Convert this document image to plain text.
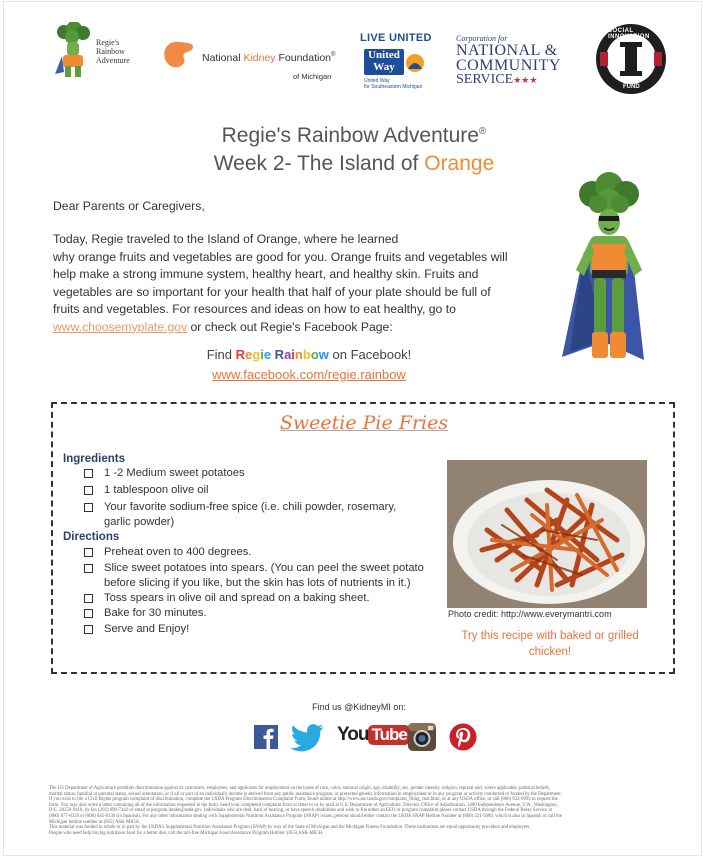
Regie's
Rainbow
Adventure	National Kidney Foundation®
of Michigan
LIVE UNITED
United
Way
United Way
for Southeastern Michigan
Corporation for
NATIONAL &
COMMUNITY
SERVICE★★★
SOCIAL INNOVATION
FUND
Regie's Rainbow Adventure®
Week 2- The Island of Orange
Dear Parents or Caregivers,
Today, Regie traveled to the Island of Orange, where he learned
why orange fruits and vegetables are good for you. Orange fruits and vegetables will
help make a strong immune system, healthy heart, and healthy skin. Fruits and
vegetables are so important for your health that half of your plate should be full of
fruits and vegetables. For resources and ideas on how to eat healthy, go to
www.choosemyplate.gov or check out Regie's Facebook Page:
Find Regie Rainbow on Facebook!
www.facebook.com/regie.rainbow
Sweetie Pie Fries
Ingredients
1 -2 Medium sweet potatoes
1 tablespoon olive oil
Your favorite sodium-free spice (i.e. chili powder, rosemary,
garlic powder)
Directions
Preheat oven to 400 degrees.
Slice sweet potatoes into spears. (You can peel the sweet potato
before slicing if you like, but the skin has lots of nutrients in it.)
Toss spears in olive oil and spread on a baking sheet.
Bake for 30 minutes.
Serve and Enjoy!
Photo credit: http://www.everymantri.com
Try this recipe with baked or grilled
chicken!
Find us @KidneyMI on:
You Tube
The US Department of Agriculture prohibits discrimination against its customers, employees, and applicants for employment on the bases of race, color, national origin, age, disability, sex, gender identity, religion, reprisal and, where applicable, political beliefs,
marital status, familial or parental status, sexual orientation, or if all or part of an individual's income is derived from any public assistance program, or protected genetic information in employment or in any program or activity conducted or funded by the Department.
If you wish to file a Civil Rights program complaint of discrimination, complete the USDA Program Discrimination Complaint Form, found online at http://www.ascr.usda.gov/complaint_filing_cust.html, or at any USDA office, or call (866) 632-9992 to request the
form. You may also write a letter containing all of the information requested in the form. Send your completed complaint form or letter to us by mail at U.S. Department of Agriculture, Director, Office of Adjudication, 1400 Independence Avenue, S.W., Washington,
D.C. 20250-9410, by fax (202) 690-7442 or email at program.intake@usda.gov. Individuals who are deaf, hard of hearing, or have speech disabilities and wish to file either an EEO or program complaint please contact USDA through the Federal Relay Service at
(800) 877-8339 or (800) 845-6136 (in Spanish). For any other information dealing with Supplemental Nutrition Assistance Program (SNAP) issues, persons should either contact the USDA SNAP Hotline Number at (800) 221-5689, which is also in Spanish or call the
Michigan hotline number at (855) ASK-MICH.
This material was funded in whole or in part by the USDA's Supplemental Nutrition Assistance Program (SNAP) by way of the State of Michigan and the Michigan Fitness Foundation. These institutions are equal opportunity providers and employers.
People who need help buying nutritious food for a better diet, call the toll-free Michigan Food Assistance Program Hotline: (855) ASK-MICH.
